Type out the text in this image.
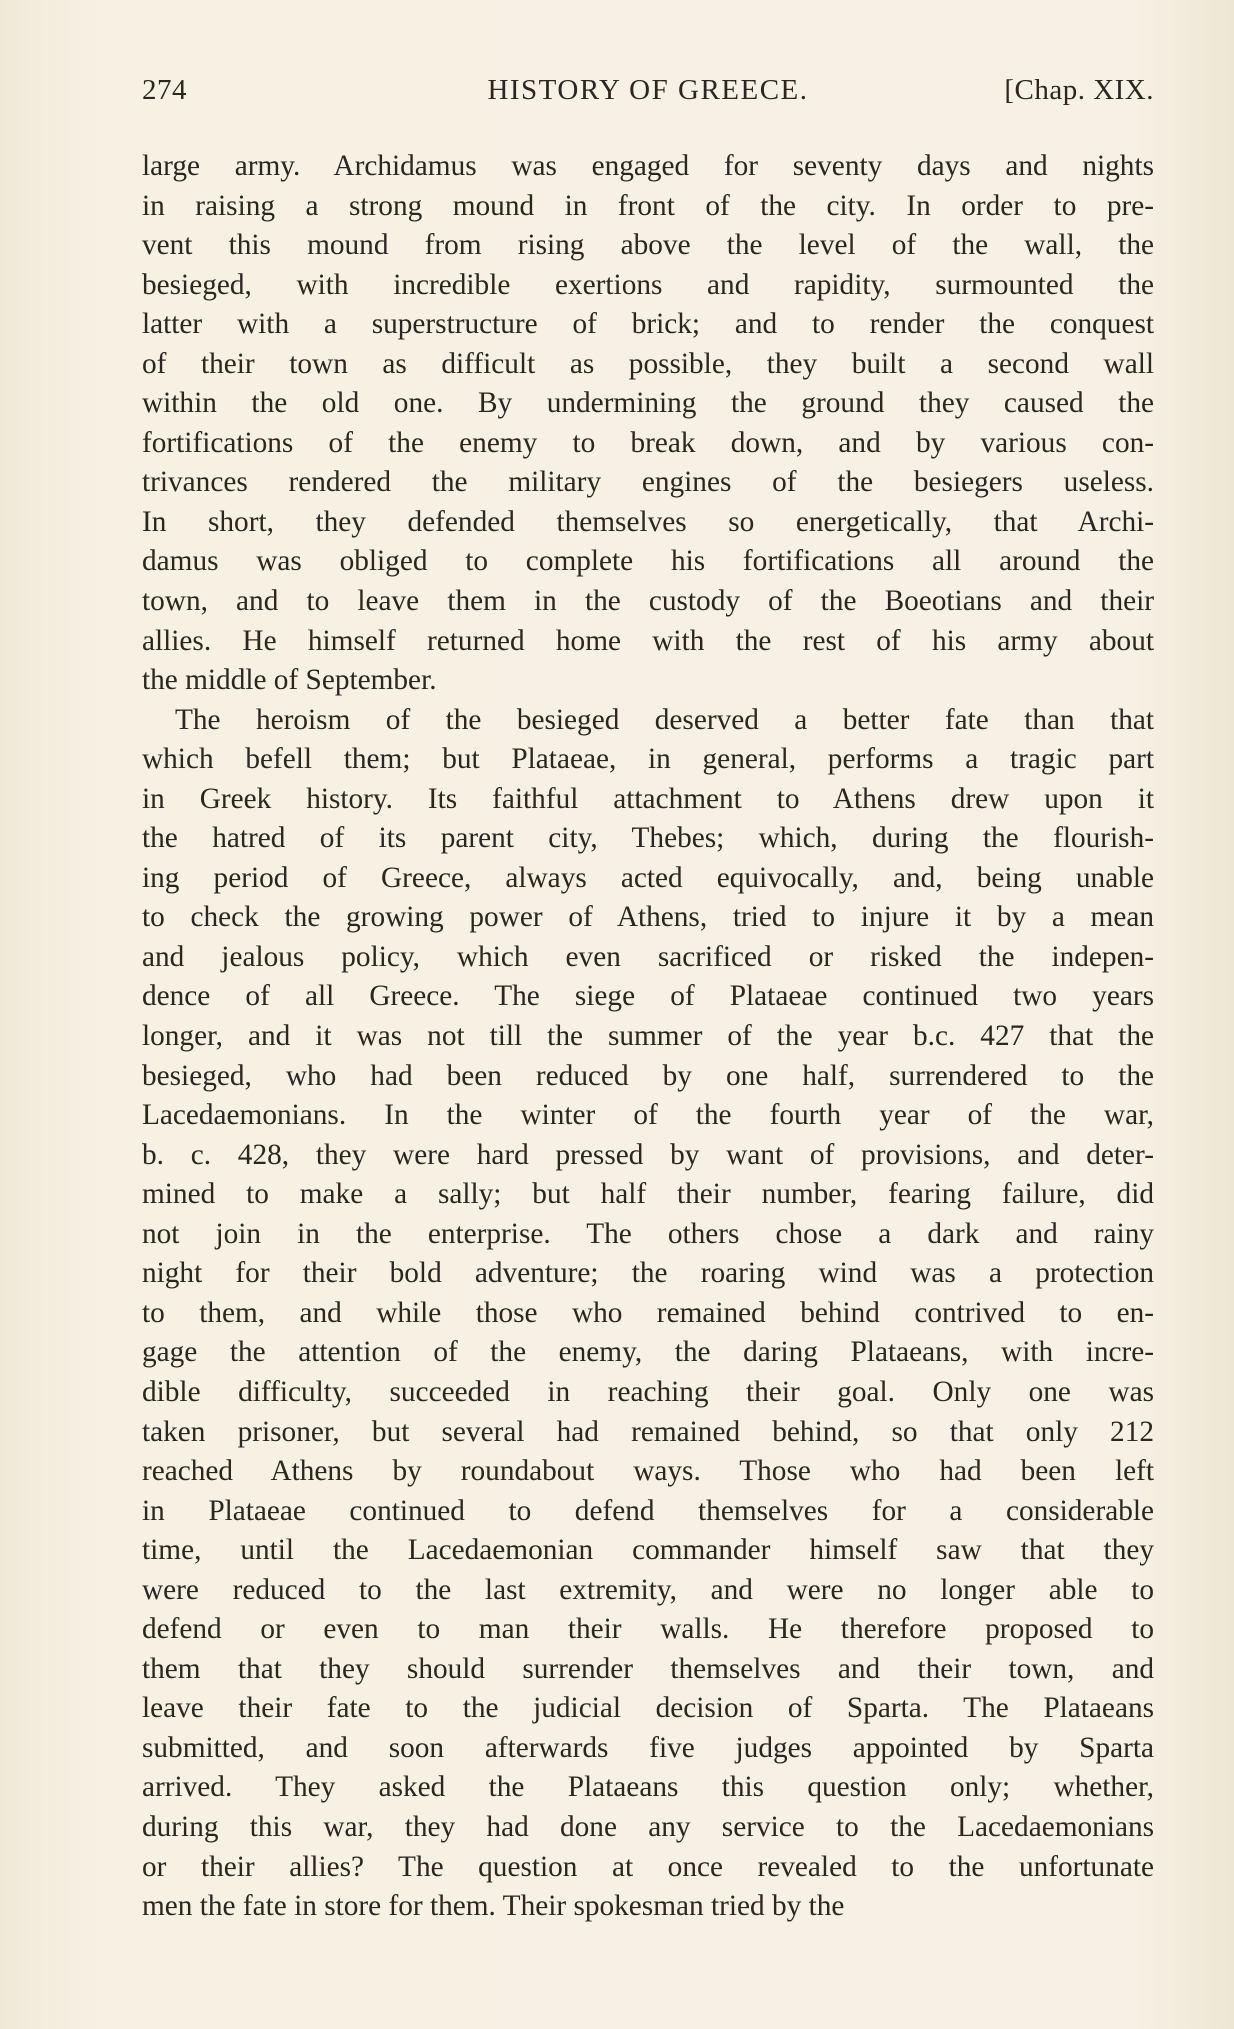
274	HISTORY OF GREECE.	[Chap. XIX.
large army. Archidamus was engaged for seventy days and nights
in raising a strong mound in front of the city. In order to pre-
vent this mound from rising above the level of the wall, the
besieged, with incredible exertions and rapidity, surmounted the
latter with a superstructure of brick; and to render the conquest
of their town as difficult as possible, they built a second wall
within the old one. By undermining the ground they caused the
fortifications of the enemy to break down, and by various con-
trivances rendered the military engines of the besiegers useless.
In short, they defended themselves so energetically, that Archi-
damus was obliged to complete his fortifications all around the
town, and to leave them in the custody of the Boeotians and their
allies. He himself returned home with the rest of his army about
the middle of September.
The heroism of the besieged deserved a better fate than that
which befell them; but Plataeae, in general, performs a tragic part
in Greek history. Its faithful attachment to Athens drew upon it
the hatred of its parent city, Thebes; which, during the flourish-
ing period of Greece, always acted equivocally, and, being unable
to check the growing power of Athens, tried to injure it by a mean
and jealous policy, which even sacrificed or risked the indepen-
dence of all Greece. The siege of Plataeae continued two years
longer, and it was not till the summer of the year b.c. 427 that the
besieged, who had been reduced by one half, surrendered to the
Lacedaemonians. In the winter of the fourth year of the war,
b. c. 428, they were hard pressed by want of provisions, and deter-
mined to make a sally; but half their number, fearing failure, did
not join in the enterprise. The others chose a dark and rainy
night for their bold adventure; the roaring wind was a protection
to them, and while those who remained behind contrived to en-
gage the attention of the enemy, the daring Plataeans, with incre-
dible difficulty, succeeded in reaching their goal. Only one was
taken prisoner, but several had remained behind, so that only 212
reached Athens by roundabout ways. Those who had been left
in Plataeae continued to defend themselves for a considerable
time, until the Lacedaemonian commander himself saw that they
were reduced to the last extremity, and were no longer able to
defend or even to man their walls. He therefore proposed to
them that they should surrender themselves and their town, and
leave their fate to the judicial decision of Sparta. The Plataeans
submitted, and soon afterwards five judges appointed by Sparta
arrived. They asked the Plataeans this question only; whether,
during this war, they had done any service to the Lacedaemonians
or their allies? The question at once revealed to the unfortunate
men the fate in store for them. Their spokesman tried by the
